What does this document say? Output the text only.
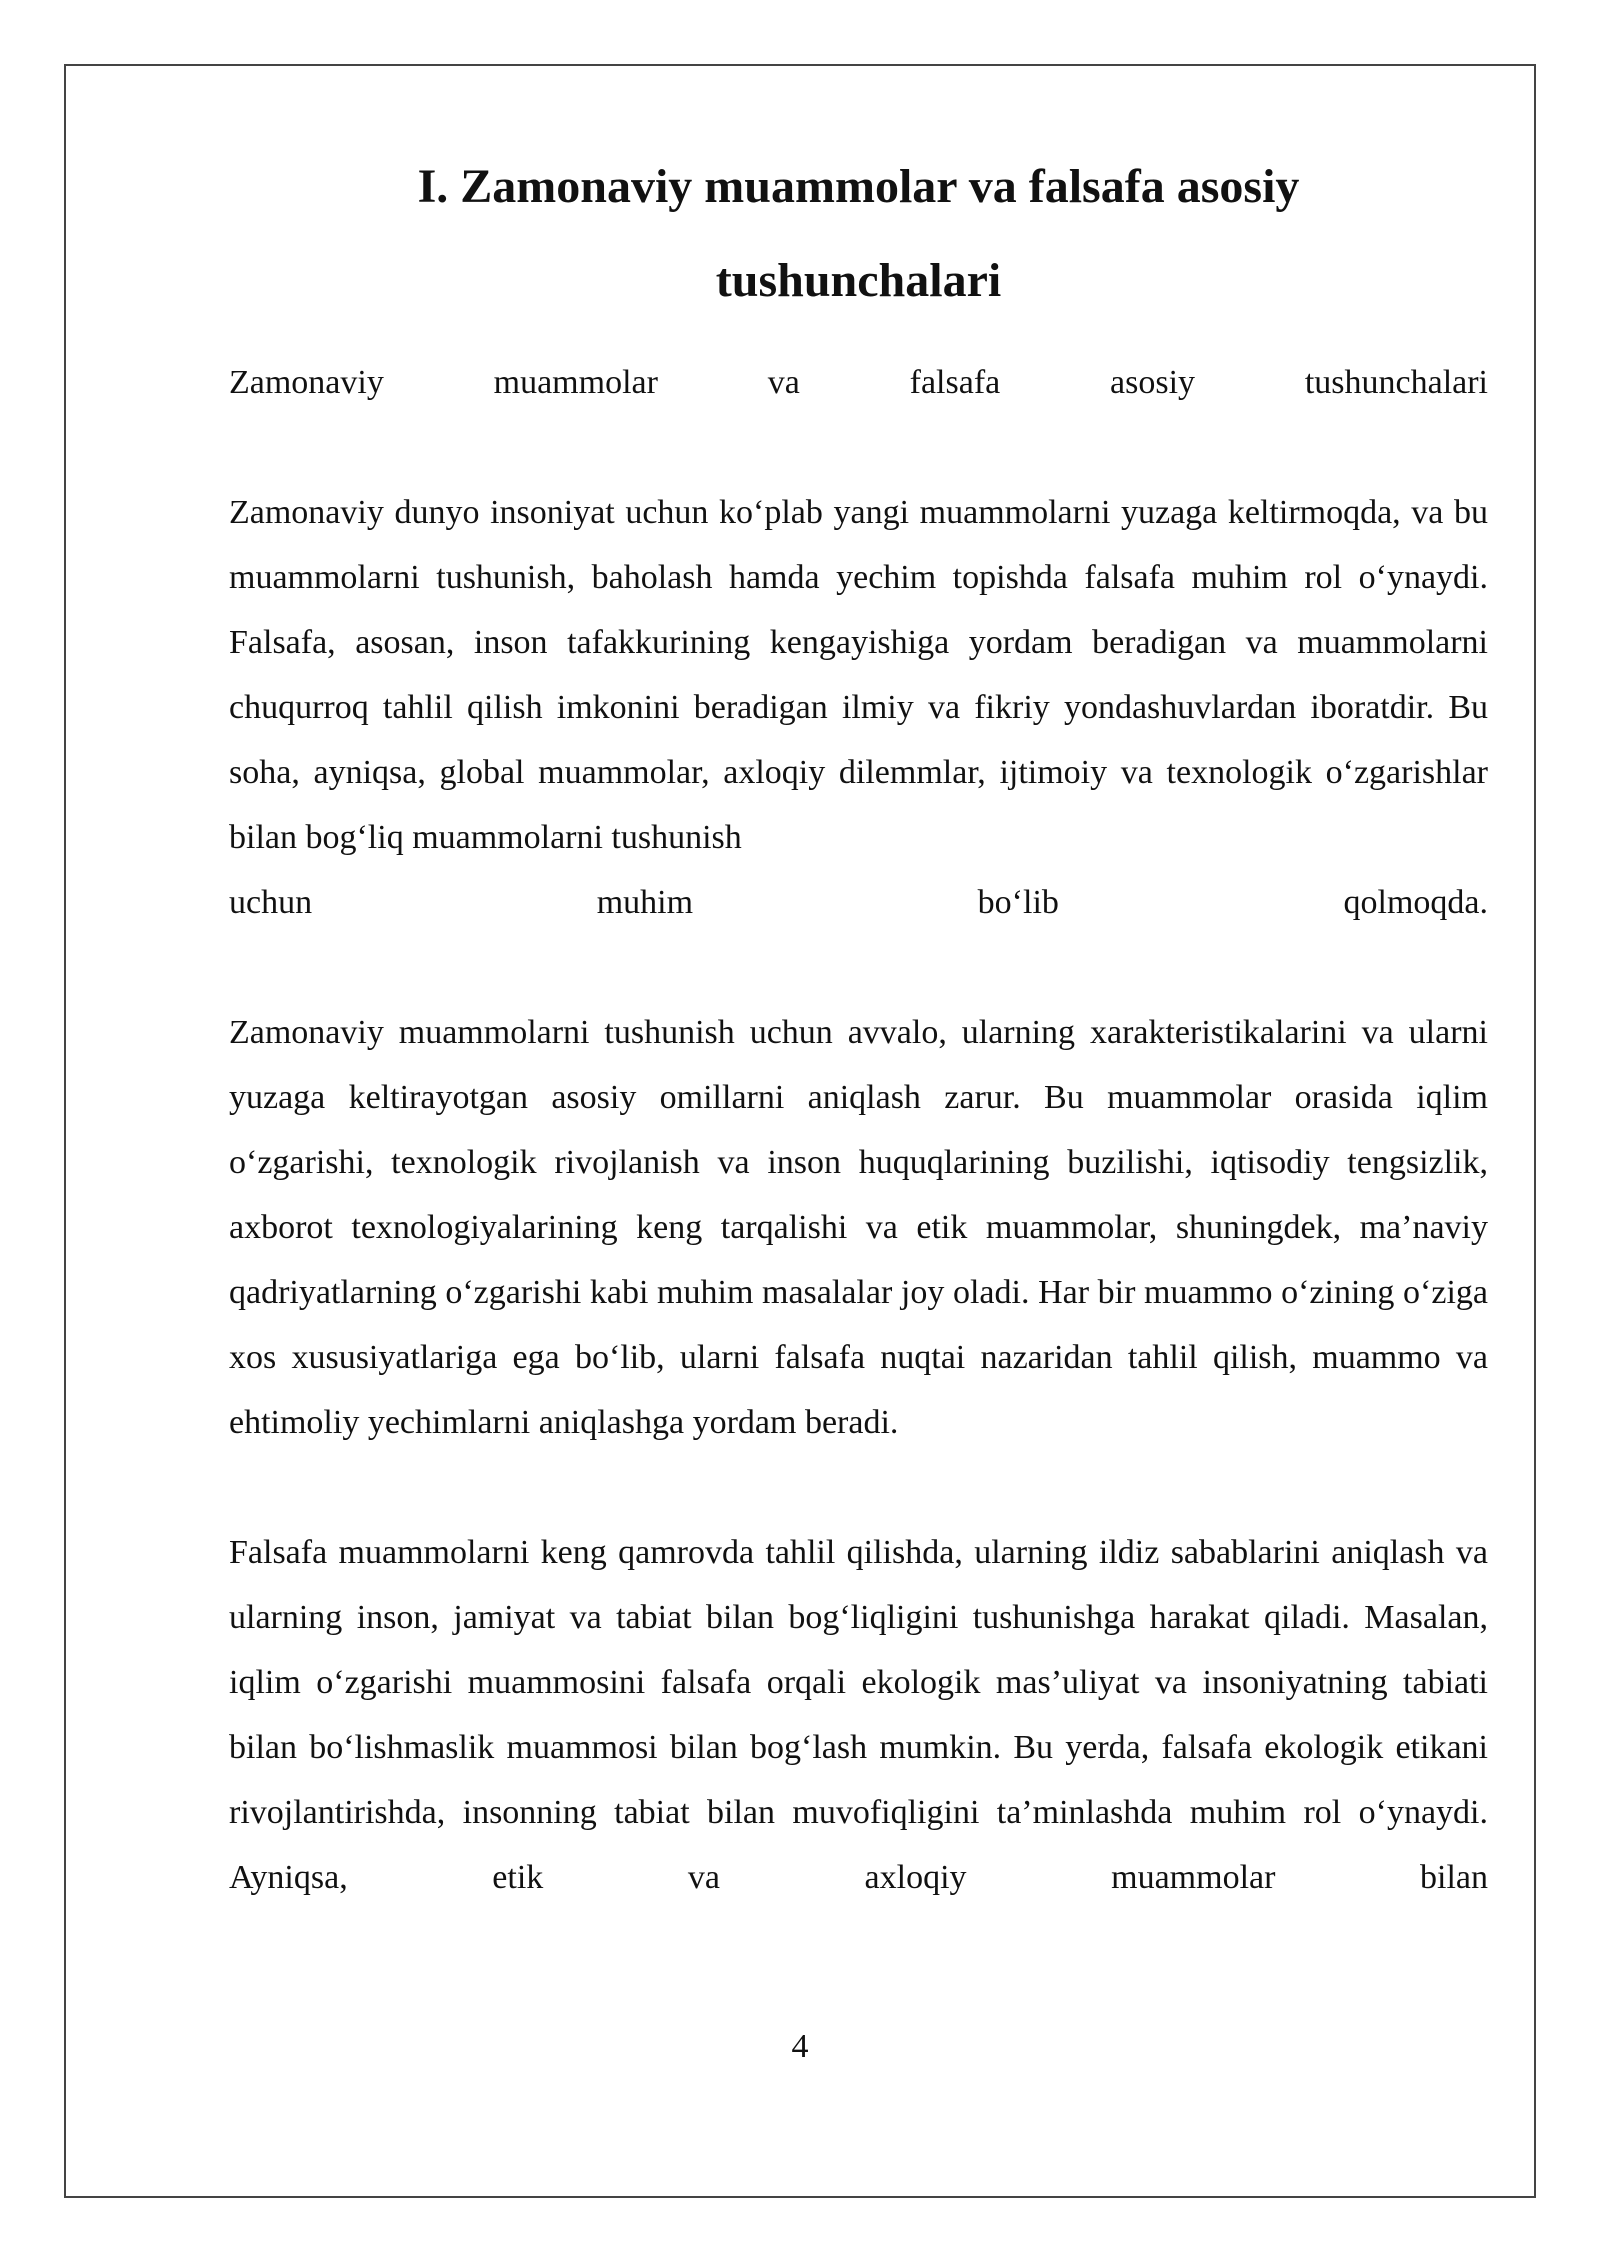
I. Zamonaviy muammolar va falsafa asosiy tushunchalari

Zamonaviy muammolar va falsafa asosiy tushunchalari

Zamonaviy dunyo insoniyat uchun ko‘plab yangi muammolarni yuzaga keltirmoqda, va bu muammolarni tushunish, baholash hamda yechim topishda falsafa muhim rol o‘ynaydi. Falsafa, asosan, inson tafakkurining kengayishiga yordam beradigan va muammolarni chuqurroq tahlil qilish imkonini beradigan ilmiy va fikriy yondashuvlardan iboratdir. Bu soha, ayniqsa, global muammolar, axloqiy dilemmlar, ijtimoiy va texnologik o‘zgarishlar bilan bog‘liq muammolarni tushunish
uchun muhim bo‘lib qolmoqda.

Zamonaviy muammolarni tushunish uchun avvalo, ularning xarakteristikalarini va ularni yuzaga keltirayotgan asosiy omillarni aniqlash zarur. Bu muammolar orasida iqlim o‘zgarishi, texnologik rivojlanish va inson huquqlarining buzilishi, iqtisodiy tengsizlik, axborot texnologiyalarining keng tarqalishi va etik muammolar, shuningdek, ma’naviy qadriyatlarning o‘zgarishi kabi muhim masalalar joy oladi. Har bir muammo o‘zining o‘ziga xos xususiyatlariga ega bo‘lib, ularni falsafa nuqtai nazaridan tahlil qilish, muammo va ehtimoliy yechimlarni aniqlashga yordam beradi.

Falsafa muammolarni keng qamrovda tahlil qilishda, ularning ildiz sabablarini aniqlash va ularning inson, jamiyat va tabiat bilan bog‘liqligini tushunishga harakat qiladi. Masalan, iqlim o‘zgarishi muammosini falsafa orqali ekologik mas’uliyat va insoniyatning tabiati bilan bo‘lishmaslik muammosi bilan bog‘lash mumkin. Bu yerda, falsafa ekologik etikani rivojlantirishda, insonning tabiat bilan muvofiqligini ta’minlashda muhim rol o‘ynaydi. Ayniqsa, etik va axloqiy muammolar bilan

4
